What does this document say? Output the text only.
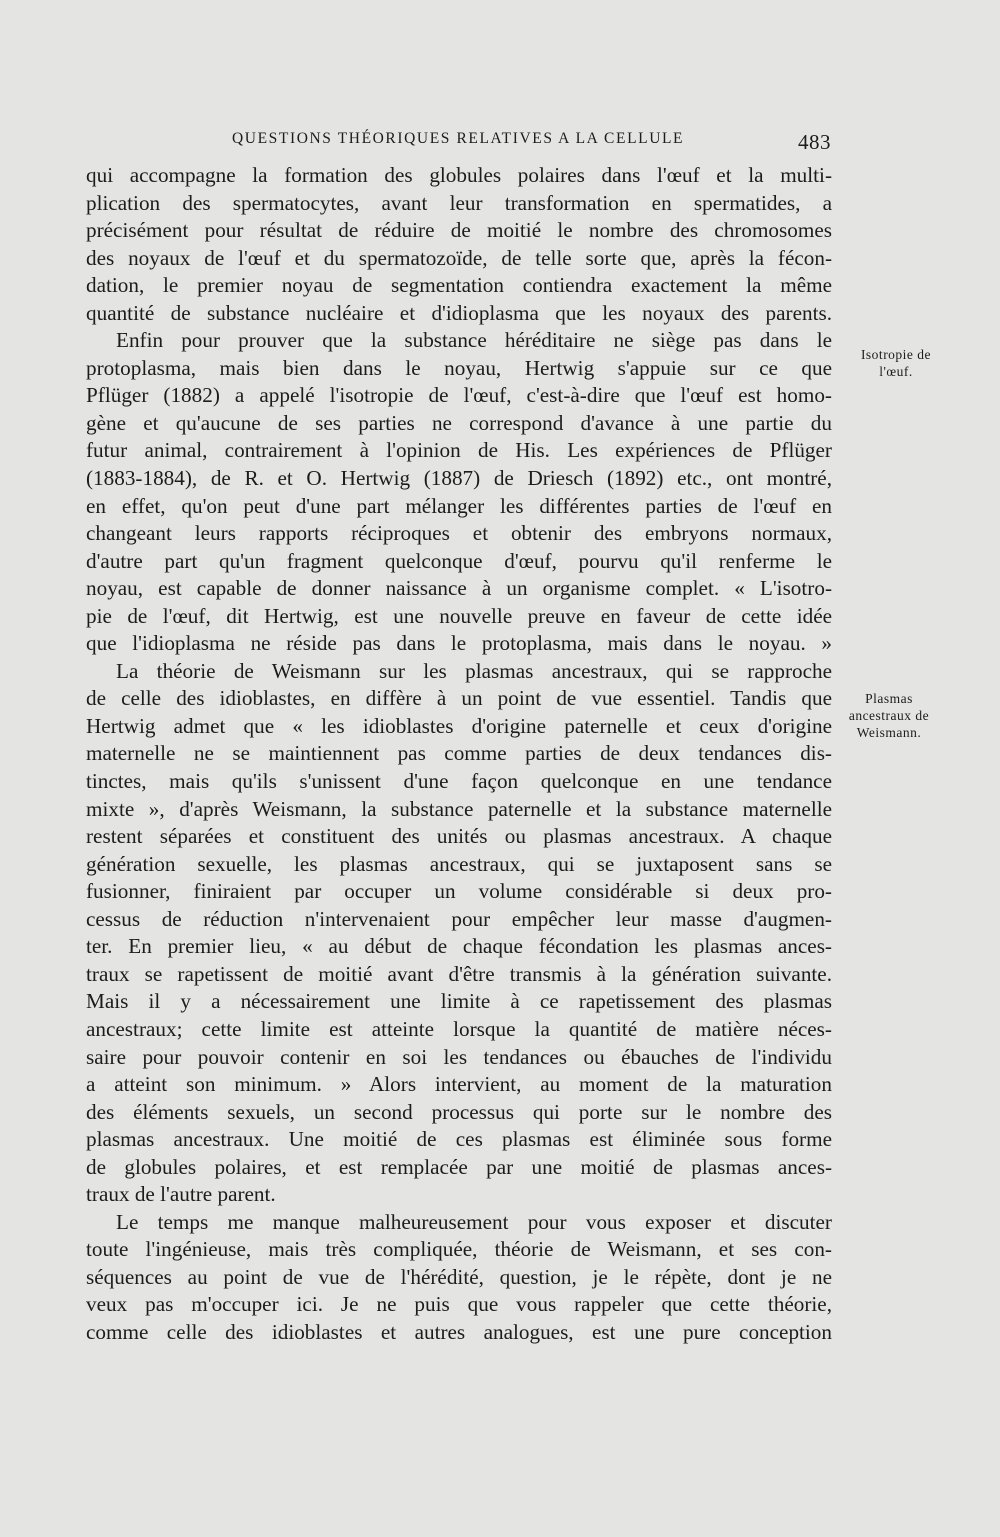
QUESTIONS THÉORIQUES RELATIVES A LA CELLULE	483
qui accompagne la formation des globules polaires dans l'œuf et la multi-
plication des spermatocytes, avant leur transformation en spermatides, a
précisément pour résultat de réduire de moitié le nombre des chromosomes
des noyaux de l'œuf et du spermatozoïde, de telle sorte que, après la fécon-
dation, le premier noyau de segmentation contiendra exactement la même
quantité de substance nucléaire et d'idioplasma que les noyaux des parents.
Enfin pour prouver que la substance héréditaire ne siège pas dans le
protoplasma, mais bien dans le noyau, Hertwig s'appuie sur ce que
Pflüger (1882) a appelé l'isotropie de l'œuf, c'est-à-dire que l'œuf est homo-
gène et qu'aucune de ses parties ne correspond d'avance à une partie du
futur animal, contrairement à l'opinion de His. Les expériences de Pflüger
(1883-1884), de R. et O. Hertwig (1887) de Driesch (1892) etc., ont montré,
en effet, qu'on peut d'une part mélanger les différentes parties de l'œuf en
changeant leurs rapports réciproques et obtenir des embryons normaux,
d'autre part qu'un fragment quelconque d'œuf, pourvu qu'il renferme le
noyau, est capable de donner naissance à un organisme complet. « L'isotro-
pie de l'œuf, dit Hertwig, est une nouvelle preuve en faveur de cette idée
que l'idioplasma ne réside pas dans le protoplasma, mais dans le noyau. »
La théorie de Weismann sur les plasmas ancestraux, qui se rapproche
de celle des idioblastes, en diffère à un point de vue essentiel. Tandis que
Hertwig admet que « les idioblastes d'origine paternelle et ceux d'origine
maternelle ne se maintiennent pas comme parties de deux tendances dis-
tinctes, mais qu'ils s'unissent d'une façon quelconque en une tendance
mixte », d'après Weismann, la substance paternelle et la substance maternelle
restent séparées et constituent des unités ou plasmas ancestraux. A chaque
génération sexuelle, les plasmas ancestraux, qui se juxtaposent sans se
fusionner, finiraient par occuper un volume considérable si deux pro-
cessus de réduction n'intervenaient pour empêcher leur masse d'augmen-
ter. En premier lieu, « au début de chaque fécondation les plasmas ances-
traux se rapetissent de moitié avant d'être transmis à la génération suivante.
Mais il y a nécessairement une limite à ce rapetissement des plasmas
ancestraux; cette limite est atteinte lorsque la quantité de matière néces-
saire pour pouvoir contenir en soi les tendances ou ébauches de l'individu
a atteint son minimum. » Alors intervient, au moment de la maturation
des éléments sexuels, un second processus qui porte sur le nombre des
plasmas ancestraux. Une moitié de ces plasmas est éliminée sous forme
de globules polaires, et est remplacée par une moitié de plasmas ances-
traux de l'autre parent.
Le temps me manque malheureusement pour vous exposer et discuter
toute l'ingénieuse, mais très compliquée, théorie de Weismann, et ses con-
séquences au point de vue de l'hérédité, question, je le répète, dont je ne
veux pas m'occuper ici. Je ne puis que vous rappeler que cette théorie,
comme celle des idioblastes et autres analogues, est une pure conception
Isotropie de
l'œuf.
Plasmas
ancestraux de
Weismann.
